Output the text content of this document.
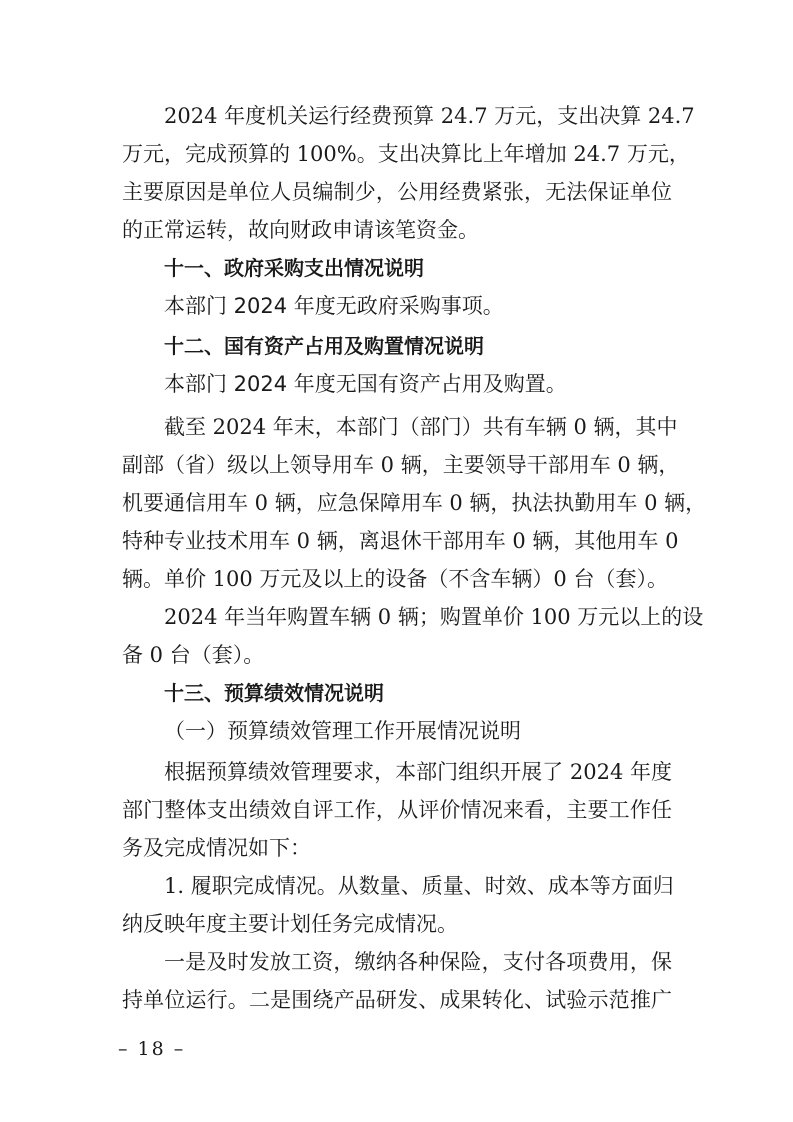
2024 年度机关运行经费预算 24.7 万元，支出决算 24.7
万元，完成预算的 100%。支出决算比上年增加 24.7 万元，
主要原因是单位人员编制少，公用经费紧张，无法保证单位
的正常运转，故向财政申请该笔资金。
十一、政府采购支出情况说明
本部门 2024 年度无政府采购事项。
十二、国有资产占用及购置情况说明
本部门 2024 年度无国有资产占用及购置。
截至 2024 年末，本部门（部门）共有车辆 0 辆，其中
副部（省）级以上领导用车 0 辆，主要领导干部用车 0 辆，
机要通信用车 0 辆，应急保障用车 0 辆，执法执勤用车 0 辆，
特种专业技术用车 0 辆，离退休干部用车 0 辆，其他用车 0
辆。单价 100 万元及以上的设备（不含车辆）0 台（套）。
2024 年当年购置车辆 0 辆；购置单价 100 万元以上的设
备 0 台（套）。
十三、预算绩效情况说明
（一）预算绩效管理工作开展情况说明
根据预算绩效管理要求，本部门组织开展了 2024 年度
部门整体支出绩效自评工作，从评价情况来看，主要工作任
务及完成情况如下：
1. 履职完成情况。从数量、质量、时效、成本等方面归
纳反映年度主要计划任务完成情况。
一是及时发放工资，缴纳各种保险，支付各项费用，保
持单位运行。二是围绕产品研发、成果转化、试验示范推广
– 18 –
